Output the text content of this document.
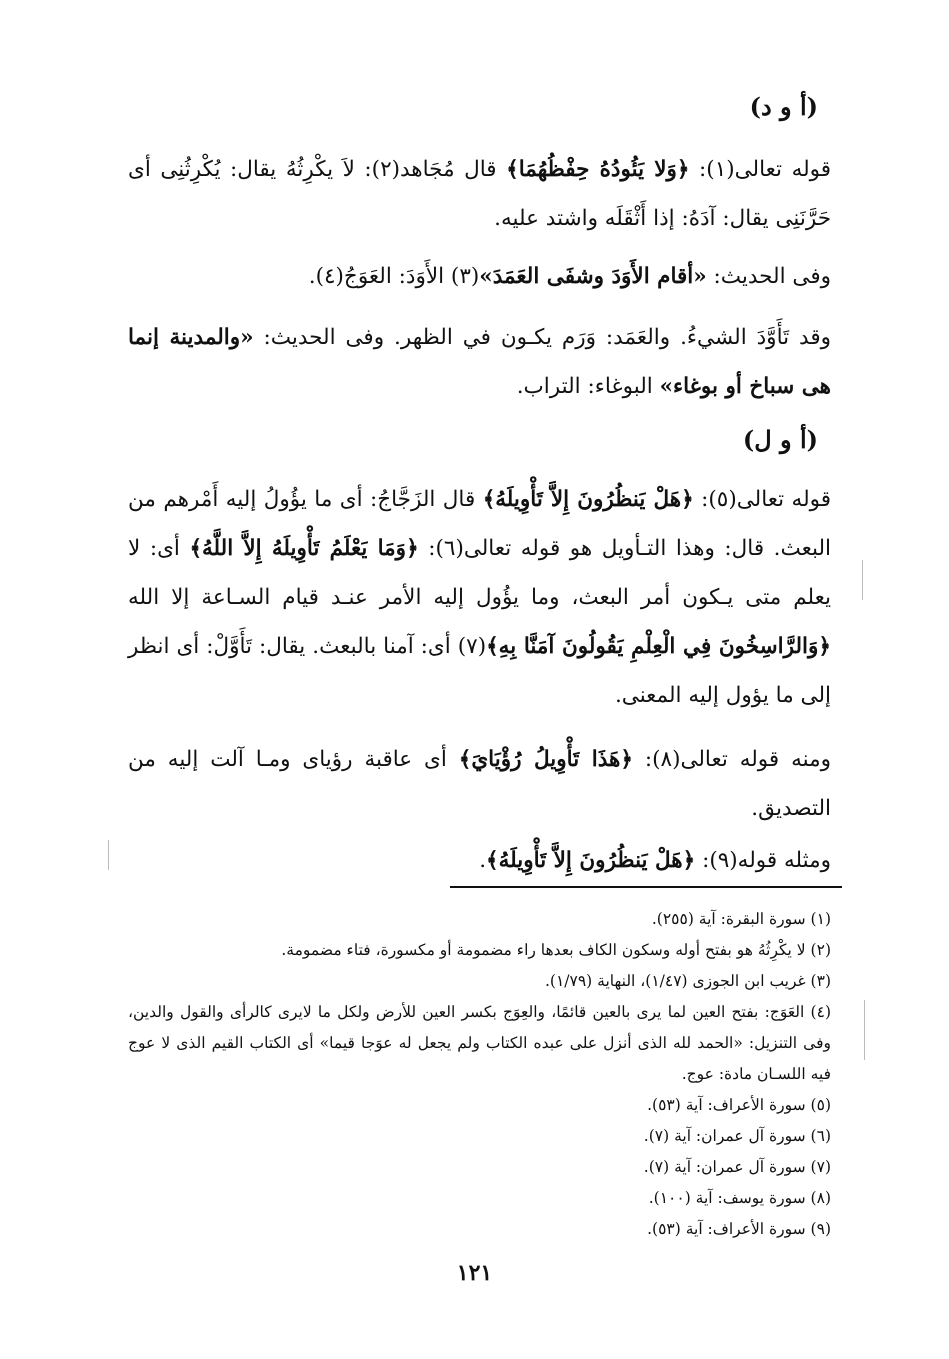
(أ و د)
قوله تعالى(١): ﴿وَلا يَئُودُهُ حِفْظُهُمَا﴾ قال مُجَاهد(٢): لاَ يكْرِثُهُ يقال: يُكْرِثُنِى أى حَرَّنَنِى يقال: آدَهُ: إذا أَثْقَلَه واشتد عليه.
وفى الحديث: «أقام الأَوَدَ وشفَى العَمَدَ»(٣) الأَوَدَ: العَوَجُ(٤).
وقد تَأَوَّدَ الشيءُ. والعَمَد: وَرَم يكـون في الظهر. وفى الحديث: «والمدينة إنما هى سباخ أو بوغاء» البوغاء: التراب.
(أ و ل)
قوله تعالى(٥): ﴿هَلْ يَنظُرُونَ إِلاَّ تَأْوِيلَهُ﴾ قال الزَجَّاجُ: أى ما يؤُولُ إليه أَمْرهم من البعث. قال: وهذا التـأويل هو قوله تعالى(٦): ﴿وَمَا يَعْلَمُ تَأْوِيلَهُ إِلاَّ اللَّهُ﴾ أى: لا يعلم متى يـكون أمر البعث، وما يؤُول إليه الأمر عنـد قيام السـاعة إلا الله ﴿وَالرَّاسِخُونَ فِي الْعِلْمِ يَقُولُونَ آمَنَّا بِهِ﴾(٧) أى: آمنا بالبعث. يقال: تَأَوَّلْ: أى انظر إلى ما يؤول إليه المعنى.
ومنه قوله تعالى(٨): ﴿هَذَا تَأْوِيلُ رُؤْيَايَ﴾ أى عاقبة رؤياى ومـا آلت إليه من التصديق.
ومثله قوله(٩): ﴿هَلْ يَنظُرُونَ إِلاَّ تَأْوِيلَهُ﴾.
(١) سورة البقرة: آية (٢٥٥).
(٢) لا يكْرِثُهُ هو بفتح أوله وسكون الكاف بعدها راء مضمومة أو مكسورة، فتاء مضمومة.
(٣) غريب ابن الجوزى (١/٤٧)، النهاية (١/٧٩).
(٤) العَوَج: بفتح العين لما يرى بالعين قائمًا، والعِوَج بكسر العين للأرض ولكل ما لايرى كالرأى والقول والدين، وفى التنزيل: «الحمد لله الذى أنزل على عبده الكتاب ولم يجعل له عوَجا قيما» أى الكتاب القيم الذى لا عوج فيه اللسـان مادة: عوج.
(٥) سورة الأعراف: آية (٥٣).
(٦) سورة آل عمران: آية (٧).
(٧) سورة آل عمران: آية (٧).
(٨) سورة يوسف: آية (١٠٠).
(٩) سورة الأعراف: آية (٥٣).
١٢١
